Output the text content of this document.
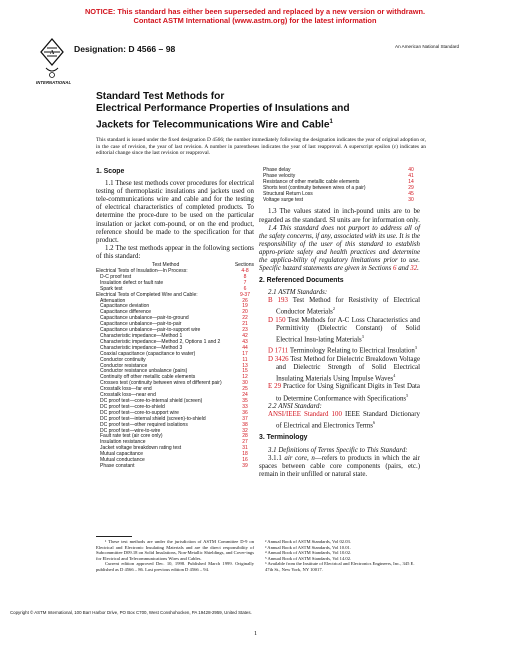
NOTICE: This standard has either been superseded and replaced by a new version or withdrawn.
Contact ASTM International (www.astm.org) for the latest information
A
INTERNATIONAL
Designation: D 4566 – 98	An American National Standard
Standard Test Methods for
Electrical Performance Properties of Insulations and
Jackets for Telecommunications Wire and Cable$^1$
This standard is issued under the fixed designation D 4566; the number immediately following the designation indicates the year of original adoption or, in the case of revision, the year of last revision. A number in parentheses indicates the year of last reapproval. A superscript epsilon (ε) indicates an editorial change since the last revision or reapproval.
1. Scope

1.1 These test methods cover procedures for electrical testing of thermoplastic insulations and jackets used on tele-communications wire and cable and for the testing of electrical characteristics of completed products. To determine the proce-dure to be used on the particular insulation or jacket com-pound, or on the end product, reference should be made to the specification for that product.

1.2 The test methods appear in the following sections of this standard:

Test Method	Sections
Electrical Tests of Insulation—In Process:	4-8
D-C proof test	8
Insulation defect or fault rate	7
Spark test	6
Electrical Tests of Completed Wire and Cable:	9-37
Attenuation	26
Capacitance deviation	19
Capacitance difference	20
Capacitance unbalance—pair-to-ground	22
Capacitance unbalance—pair-to-pair	21
Capacitance unbalance—pair-to-support wire	23
Characteristic impedance—Method 1	42
Characteristic impedance—Method 2, Options 1 and 2	43
Characteristic impedance—Method 3	44
Coaxial capacitance (capacitance to water)	17
Conductor continuity	11
Conductor resistance	13
Conductor resistance unbalance (pairs)	15
Continuity off other metallic cable elements	12
Crosses test (continuity between wires of different pair)	30
Crosstalk loss—far end	25
Crosstalk loss—near end	24
DC proof test—core-to-internal shield (screen)	35
DC proof test—core-to-shield	33
DC proof test—core-to-support wire	36
DC proof test—internal shield (screen)-to-shield	37
DC proof test—other required isolations	38
DC proof test—wire-to-wire	32
Fault rate test (air core only)	28
Insulation resistance	27
Jacket voltage breakdown rating test	31
Mutual capacitance	18
Mutual conductance	16
Phase constant	39
Phase delay	40
Phase velocity	41
Resistance of other metallic cable elements	14
Shorts test (continuity between wires of a pair)	29
Structural Return Loss	45
Voltage surge test	30

1.3 The values stated in inch-pound units are to be regarded as the standard. SI units are for information only.

1.4 This standard does not purport to address all of the safety concerns, if any, associated with its use. It is the responsibility of the user of this standard to establish appro-priate safety and health practices and determine the applica-bility of regulatory limitations prior to use. Specific hazard statements are given in Sections 6 and 32.

2. Referenced Documents

2.1 ASTM Standards:

B 193 Test Method for Resistivity of Electrical Conductor Materials$^2$

D 150 Test Methods for A-C Loss Characteristics and Permittivity (Dielectric Constant) of Solid Electrical Insu-lating Materials$^3$

D 1711 Terminology Relating to Electrical Insulation$^3$

D 3426 Test Method for Dielectric Breakdown Voltage and Dielectric Strength of Solid Electrical Insulating Materials Using Impulse Waves$^4$

E 29 Practice for Using Significant Digits in Test Data to Determine Conformance with Specifications$^5$

2.2 ANSI Standard:

ANSI/IEEE Standard 100 IEEE Standard Dictionary of Electrical and Electronics Terms$^6$

3. Terminology

3.1 Definitions of Terms Specific to This Standard:

3.1.1 air core, n—refers to products in which the air spaces between cable core components (pairs, etc.) remain in their unfilled or natural state.

¹ These test methods are under the jurisdiction of ASTM Committee D-9 on Electrical and Electronic Insulating Materials and are the direct responsibility of Subcommittee D09.18 on Solid Insulations, Non-Metallic Shieldings, and Cover-ings for Electrical and Telecommunications Wires and Cables.

Current edition approved Dec. 10, 1998. Published March 1999. Originally published as D 4566 – 86. Last previous edition D 4566 – 94.

² Annual Book of ASTM Standards, Vol 02.03.
³ Annual Book of ASTM Standards, Vol 10.01.
⁴ Annual Book of ASTM Standards, Vol 10.02.
⁵ Annual Book of ASTM Standards, Vol 14.02.
⁶ Available from the Institute of Electrical and Electronics Engineers, Inc., 345 E. 47th St., New York, NY 10017.
Copyright © ASTM International, 100 Barr Harbor Drive, PO Box C700, West Conshohocken, PA 19428-2959, United States.
1
